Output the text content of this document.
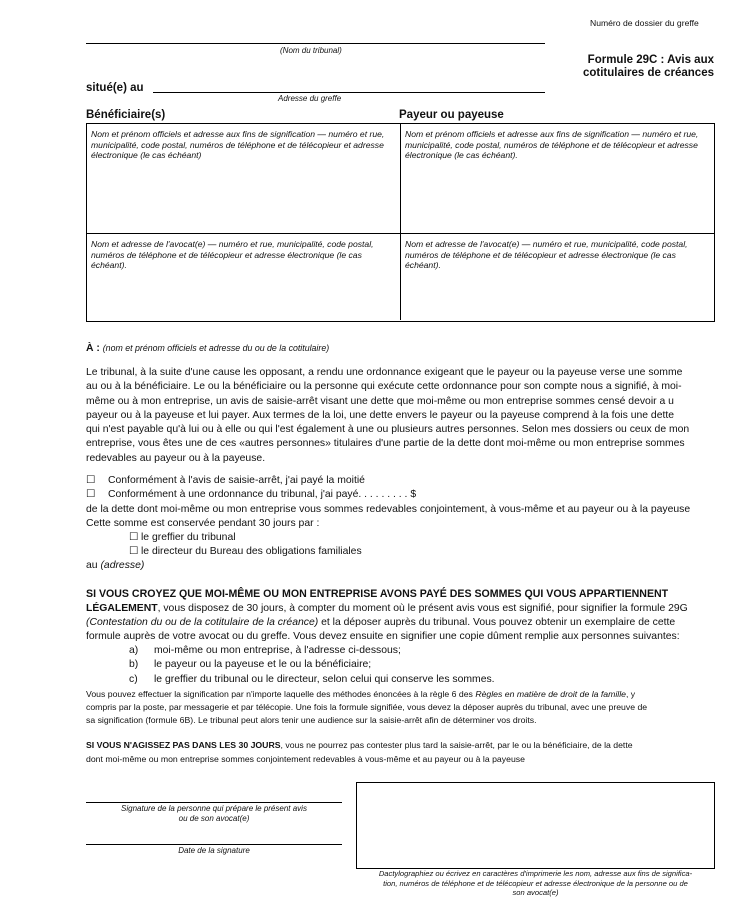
Numéro de dossier du greffe
(Nom du tribunal)
Formule 29C : Avis aux
cotitulaires de créances
situé(e) au
Adresse du greffe
Bénéficiaire(s)	Payeur ou payeuse
Nom et prénom officiels et adresse aux fins de signification — numéro et rue, municipalité, code postal, numéros de téléphone et de télécopieur et adresse électronique (le cas échéant)
Nom et prénom officiels et adresse aux fins de signification — numéro et rue, municipalité, code postal, numéros de téléphone et de télécopieur et adresse électronique (le cas échéant).
Nom et adresse de l'avocat(e) — numéro et rue, municipalité, code postal, numéros de téléphone et de télécopieur et adresse électronique (le cas échéant).
Nom et adresse de l'avocat(e) — numéro et rue, municipalité, code postal, numéros de téléphone et de télécopieur et adresse électronique (le cas échéant).
À : (nom et prénom officiels et adresse du ou de la cotitulaire)
Le tribunal, à la suite d'une cause les opposant, a rendu une ordonnance exigeant que le payeur ou la payeuse verse une somme
au ou à la bénéficiaire. Le ou la bénéficiaire ou la personne qui exécute cette ordonnance pour son compte nous a signifié, à moi-
même ou à mon entreprise, un avis de saisie-arrêt visant une dette que moi-même ou mon entreprise sommes censé devoir a u
payeur ou à la payeuse et lui payer. Aux termes de la loi, une dette envers le payeur ou la payeuse comprend à la fois une dette
qui n'est payable qu'à lui ou à elle ou qui l'est également à une ou plusieurs autres personnes. Selon mes dossiers ou ceux de mon
entreprise, vous êtes une de ces «autres personnes» titulaires d'une partie de la dette dont moi-même ou mon entreprise sommes
redevables au payeur ou à la payeuse.
☐ Conformément à l'avis de saisie-arrêt, j'ai payé la moitié
☐ Conformément à une ordonnance du tribunal, j'ai payé. . . . . . . . . $
de la dette dont moi-même ou mon entreprise vous sommes redevables conjointement, à vous-même et au payeur ou à la payeuse
Cette somme est conservée pendant 30 jours par :
☐ le greffier du tribunal
☐ le directeur du Bureau des obligations familiales
au (adresse)
SI VOUS CROYEZ QUE MOI-MÊME OU MON ENTREPRISE AVONS PAYÉ DES SOMMES QUI VOUS APPARTIENNENT
LÉGALEMENT, vous disposez de 30 jours, à compter du moment où le présent avis vous est signifié, pour signifier la formule 29G
(Contestation du ou de la cotitulaire de la créance) et la déposer auprès du tribunal. Vous pouvez obtenir un exemplaire de cette
formule auprès de votre avocat ou du greffe. Vous devez ensuite en signifier une copie dûment remplie aux personnes suivantes:
a) moi-même ou mon entreprise, à l'adresse ci-dessous;
b) le payeur ou la payeuse et le ou la bénéficiaire;
c) le greffier du tribunal ou le directeur, selon celui qui conserve les sommes.
Vous pouvez effectuer la signification par n'importe laquelle des méthodes énoncées à la règle 6 des Règles en matière de droit de la famille, y
compris par la poste, par messagerie et par télécopie. Une fois la formule signifiée, vous devez la déposer auprès du tribunal, avec une preuve de
sa signification (formule 6B). Le tribunal peut alors tenir une audience sur la saisie-arrêt afin de déterminer vos droits.
SI VOUS N'AGISSEZ PAS DANS LES 30 JOURS, vous ne pourrez pas contester plus tard la saisie-arrêt, par le ou la bénéficiaire, de la dette
dont moi-même ou mon entreprise sommes conjointement redevables à vous-même et au payeur ou à la payeuse
Signature de la personne qui prépare le présent avis
ou de son avocat(e)
Date de la signature
Dactylographiez ou écrivez en caractères d'imprimerie les nom, adresse aux fins de significa-
tion, numéros de téléphone et de télécopieur et adresse électronique de la personne ou de
son avocat(e)
